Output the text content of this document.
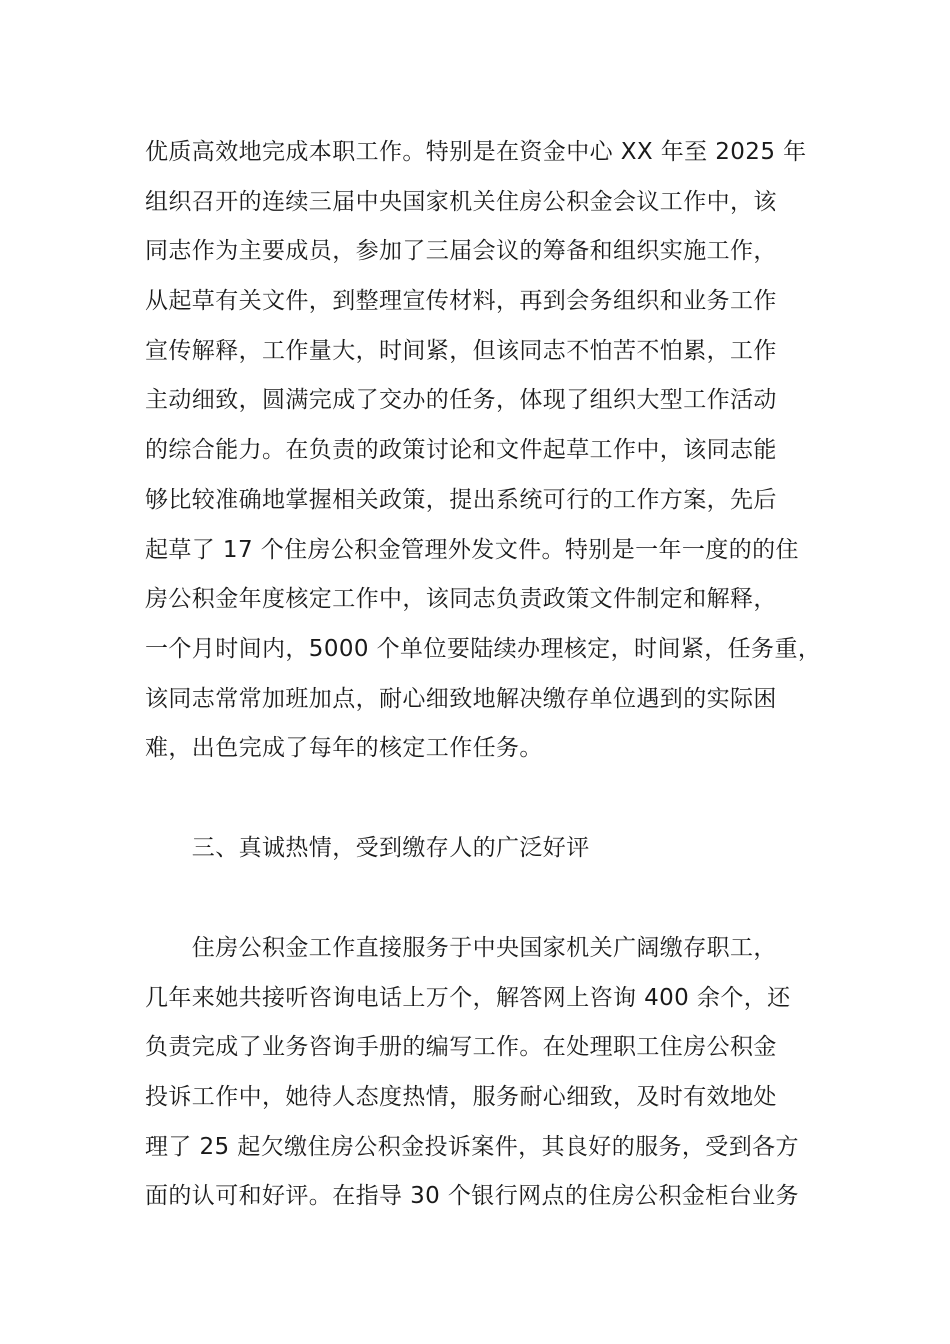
优质高效地完成本职工作。特别是在资金中心 XX 年至 2025 年
组织召开的连续三届中央国家机关住房公积金会议工作中，该
同志作为主要成员，参加了三届会议的筹备和组织实施工作，
从起草有关文件，到整理宣传材料，再到会务组织和业务工作
宣传解释，工作量大，时间紧，但该同志不怕苦不怕累，工作
主动细致，圆满完成了交办的任务，体现了组织大型工作活动
的综合能力。在负责的政策讨论和文件起草工作中，该同志能
够比较准确地掌握相关政策，提出系统可行的工作方案，先后
起草了 17 个住房公积金管理外发文件。特别是一年一度的的住
房公积金年度核定工作中，该同志负责政策文件制定和解释，
一个月时间内，5000 个单位要陆续办理核定，时间紧，任务重，
该同志常常加班加点，耐心细致地解决缴存单位遇到的实际困
难，出色完成了每年的核定工作任务。

　　三、真诚热情，受到缴存人的广泛好评

　　住房公积金工作直接服务于中央国家机关广阔缴存职工，
几年来她共接听咨询电话上万个，解答网上咨询 400 余个，还
负责完成了业务咨询手册的编写工作。在处理职工住房公积金
投诉工作中，她待人态度热情，服务耐心细致，及时有效地处
理了 25 起欠缴住房公积金投诉案件，其良好的服务，受到各方
面的认可和好评。在指导 30 个银行网点的住房公积金柜台业务
